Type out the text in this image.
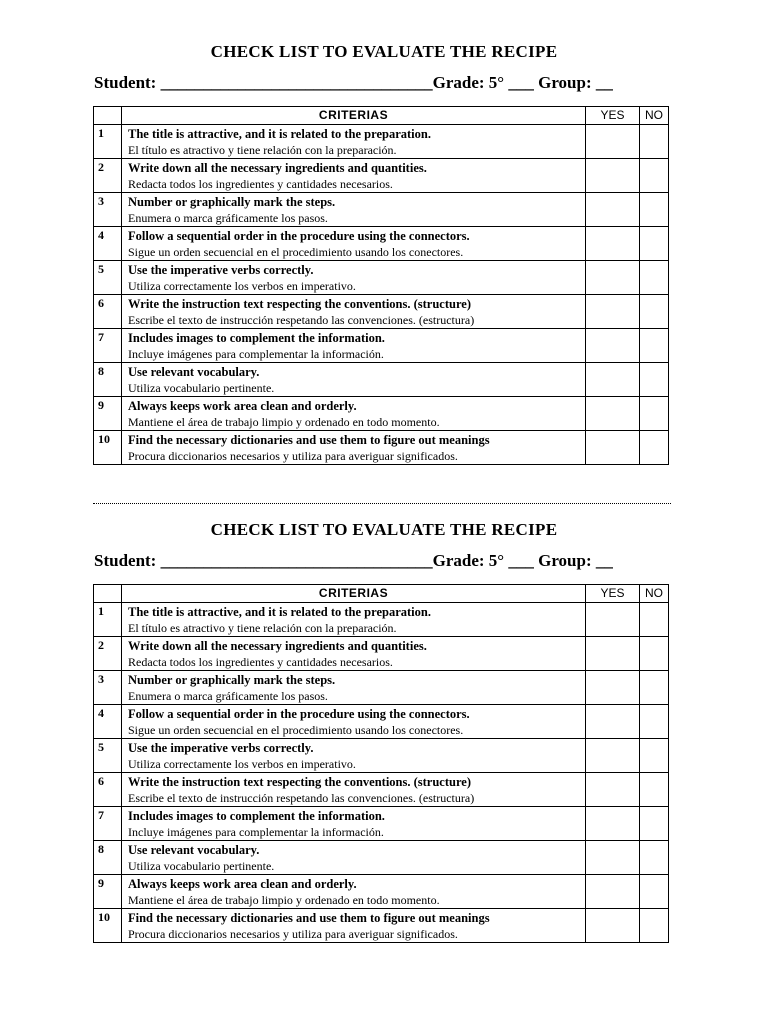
CHECK LIST TO EVALUATE THE RECIPE
Student: ________________________________Grade: 5° ___ Group: __
	CRITERIAS	YES	NO
1	The title is attractive, and it is related to the preparation.
El título es atractivo y tiene relación con la preparación.		

2	Write down all the necessary ingredients and quantities.
Redacta todos los ingredientes y cantidades necesarios.		

3	Number or graphically mark the steps.
Enumera o marca gráficamente los pasos.		

4	Follow a sequential order in the procedure using the connectors.
Sigue un orden secuencial en el procedimiento usando los conectores.		

5	Use the imperative verbs correctly.
Utiliza correctamente los verbos en imperativo.		

6	Write the instruction text respecting the conventions. (structure)
Escribe el texto de instrucción respetando las convenciones. (estructura)		

7	Includes images to complement the information.
Incluye imágenes para complementar la información.		

8	Use relevant vocabulary.
Utiliza vocabulario pertinente.		

9	Always keeps work area clean and orderly.
Mantiene el área de trabajo limpio y ordenado en todo momento.		

10	Find the necessary dictionaries and use them to figure out meanings
Procura diccionarios necesarios y utiliza para averiguar significados.		

CHECK LIST TO EVALUATE THE RECIPE
Student: ________________________________Grade: 5° ___ Group: __
	CRITERIAS	YES	NO
1	The title is attractive, and it is related to the preparation.
El título es atractivo y tiene relación con la preparación.		

2	Write down all the necessary ingredients and quantities.
Redacta todos los ingredientes y cantidades necesarios.		

3	Number or graphically mark the steps.
Enumera o marca gráficamente los pasos.		

4	Follow a sequential order in the procedure using the connectors.
Sigue un orden secuencial en el procedimiento usando los conectores.		

5	Use the imperative verbs correctly.
Utiliza correctamente los verbos en imperativo.		

6	Write the instruction text respecting the conventions. (structure)
Escribe el texto de instrucción respetando las convenciones. (estructura)		

7	Includes images to complement the information.
Incluye imágenes para complementar la información.		

8	Use relevant vocabulary.
Utiliza vocabulario pertinente.		

9	Always keeps work area clean and orderly.
Mantiene el área de trabajo limpio y ordenado en todo momento.		

10	Find the necessary dictionaries and use them to figure out meanings
Procura diccionarios necesarios y utiliza para averiguar significados.		
